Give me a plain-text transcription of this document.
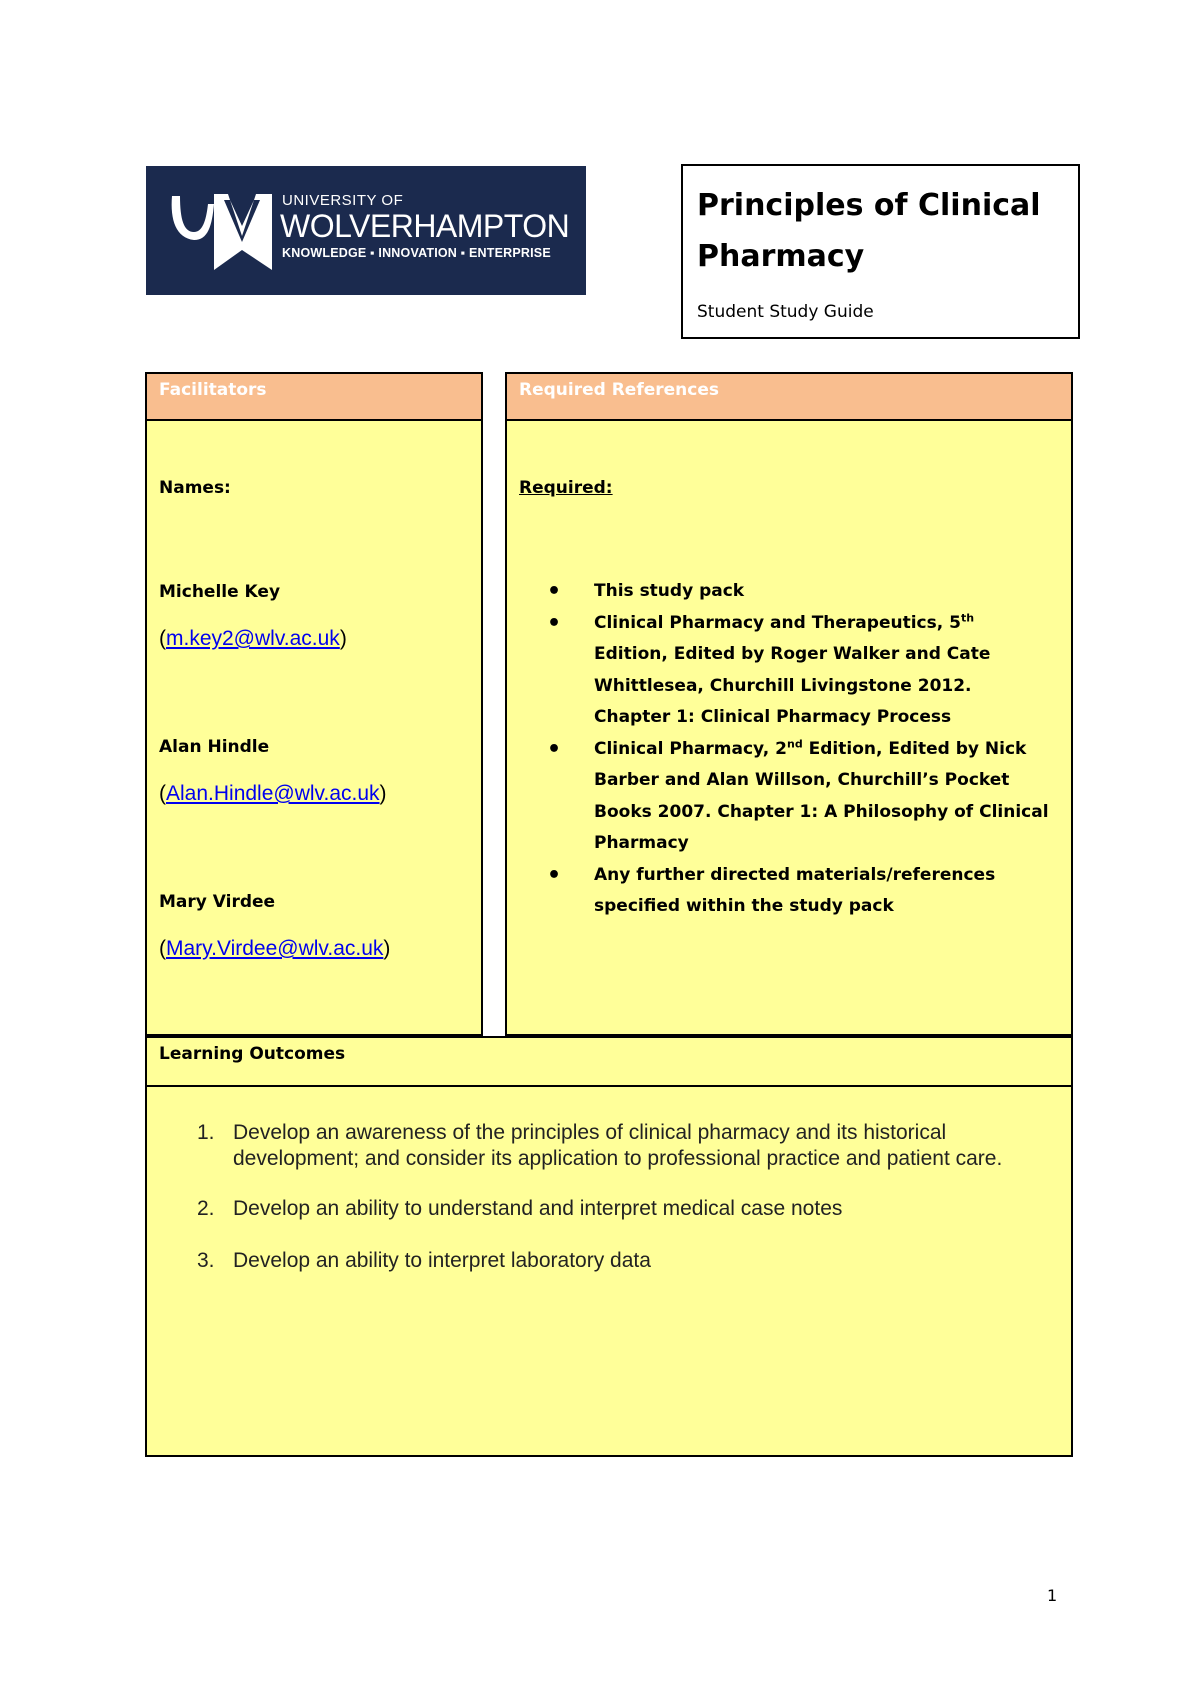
UNIVERSITY OF
WOLVERHAMPTON
KNOWLEDGE ▪ INNOVATION ▪ ENTERPRISE
Principles of Clinical
Pharmacy
Student Study Guide
Facilitators
Names:
Michelle Key
(m.key2@wlv.ac.uk)
Alan Hindle
(Alan.Hindle@wlv.ac.uk)
Mary Virdee
(Mary.Virdee@wlv.ac.uk)
Required References
Required:
• This study pack
• Clinical Pharmacy and Therapeutics, 5th Edition, Edited by Roger Walker and Cate Whittlesea, Churchill Livingstone 2012. Chapter 1: Clinical Pharmacy Process
• Clinical Pharmacy, 2nd Edition, Edited by Nick Barber and Alan Willson, Churchill’s Pocket Books 2007. Chapter 1: A Philosophy of Clinical Pharmacy
• Any further directed materials/references specified within the study pack
Learning Outcomes
1. Develop an awareness of the principles of clinical pharmacy and its historical development; and consider its application to professional practice and patient care.
2. Develop an ability to understand and interpret medical case notes
3. Develop an ability to interpret laboratory data
1
